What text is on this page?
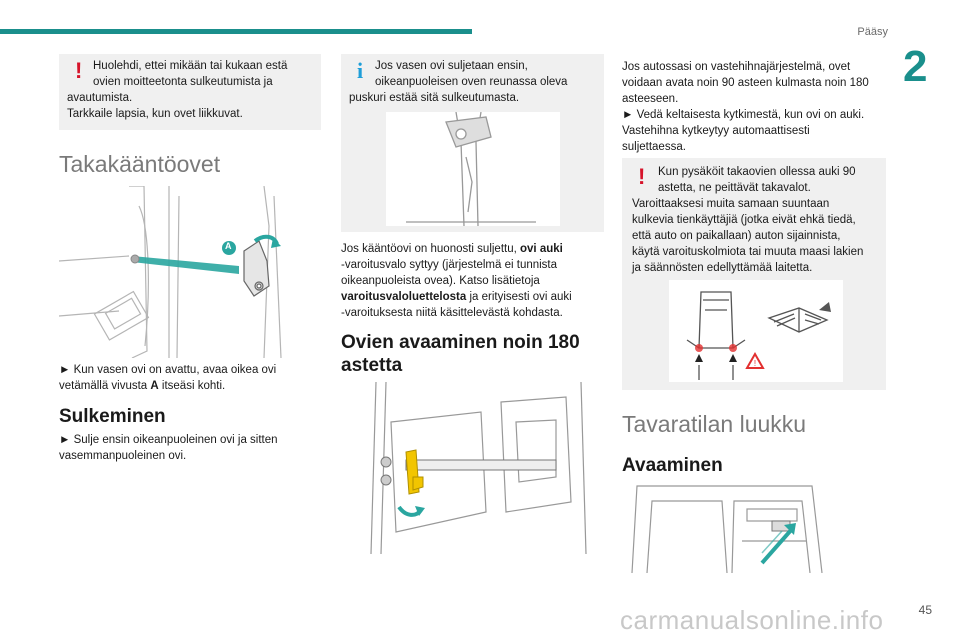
Pääsy
2
! Huolehdi, ettei mikään tai kukaan estä

ovien moitteetonta sulkeutumista ja

avautumista.

Tarkkaile lapsia, kun ovet liikkuvat.

Takakääntöovet
A
► Kun vasen ovi on avattu, avaa oikea ovi
vetämällä vivusta A itseäsi kohti.
Sulkeminen
► Sulje ensin oikeanpuoleinen ovi ja sitten
vasemmanpuoleinen ovi.
i	Jos vasen ovi suljetaan ensin,

oikeanpuoleisen oven reunassa oleva

puskuri estää sitä sulkeutumasta.

Jos kääntöovi on huonosti suljettu, ovi auki
-varoitusvalo syttyy (järjestelmä ei tunnista
oikeanpuoleista ovea). Katso lisätietoja
varoitusvaloluettelosta ja erityisesti ovi auki
-varoituksesta niitä käsittelevästä kohdasta.
Ovien avaaminen noin 180
astetta
Jos autossasi on vastehihnajärjestelmä, ovet
voidaan avata noin 90 asteen kulmasta noin 180
asteeseen.
► Vedä keltaisesta kytkimestä, kun ovi on auki.
Vastehihna kytkeytyy automaattisesti
suljettaessa.
!	Kun pysäköit takaovien ollessa auki 90

astetta, ne peittävät takavalot.

Varoittaaksesi muita samaan suuntaan

kulkevia tienkäyttäjiä (jotka eivät ehkä tiedä,

että auto on paikallaan) auton sijainnista,

käytä varoituskolmiota tai muuta maasi lakien

ja säännösten edellyttämää laitetta.

!
Tavaratilan luukku
Avaaminen
carmanualsonline.info	45
